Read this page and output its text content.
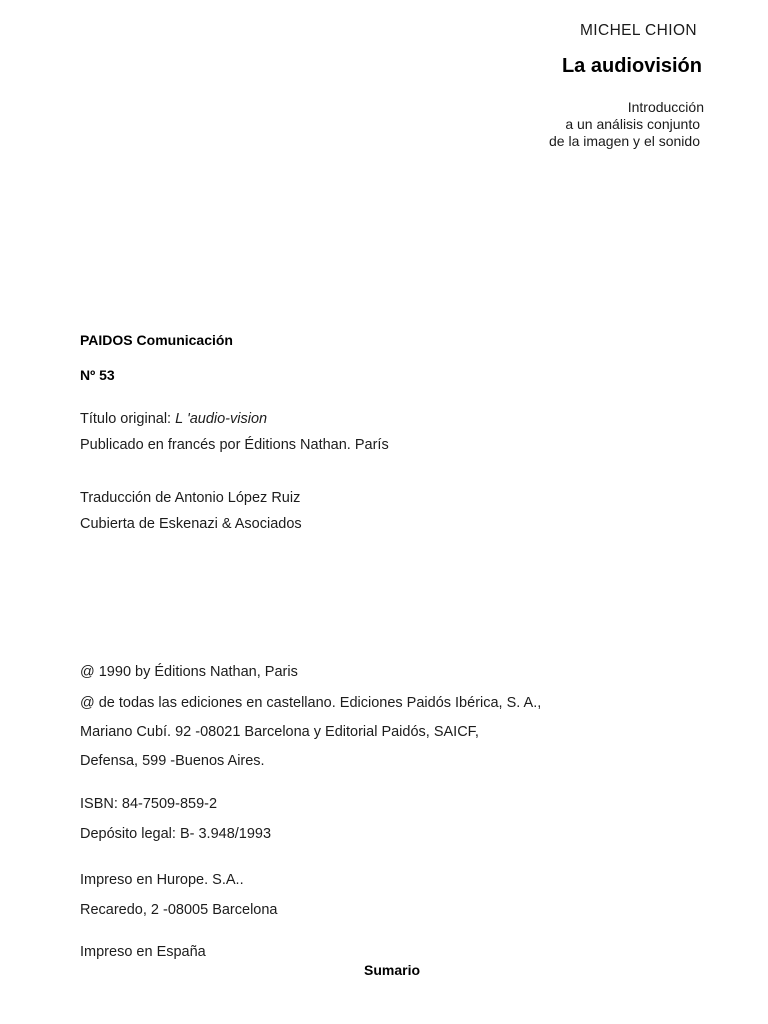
MICHEL CHION
La audiovisión
Introducción
a un análisis conjunto
de la imagen y el sonido
PAIDOS Comunicación
Nº 53
Título original: L 'audio-vision
Publicado en francés por Éditions Nathan. París
Traducción de Antonio López Ruiz
Cubierta de Eskenazi & Asociados
@ 1990 by Éditions Nathan, Paris
@ de todas las ediciones en castellano. Ediciones Paidós Ibérica, S. A.,
Mariano Cubí. 92 -08021 Barcelona y Editorial Paidós, SAICF,
Defensa, 599 -Buenos Aires.
ISBN: 84-7509-859-2
Depósito legal: B- 3.948/1993
Impreso en Hurope. S.A..
Recaredo, 2 -08005 Barcelona
Impreso en España
Sumario
